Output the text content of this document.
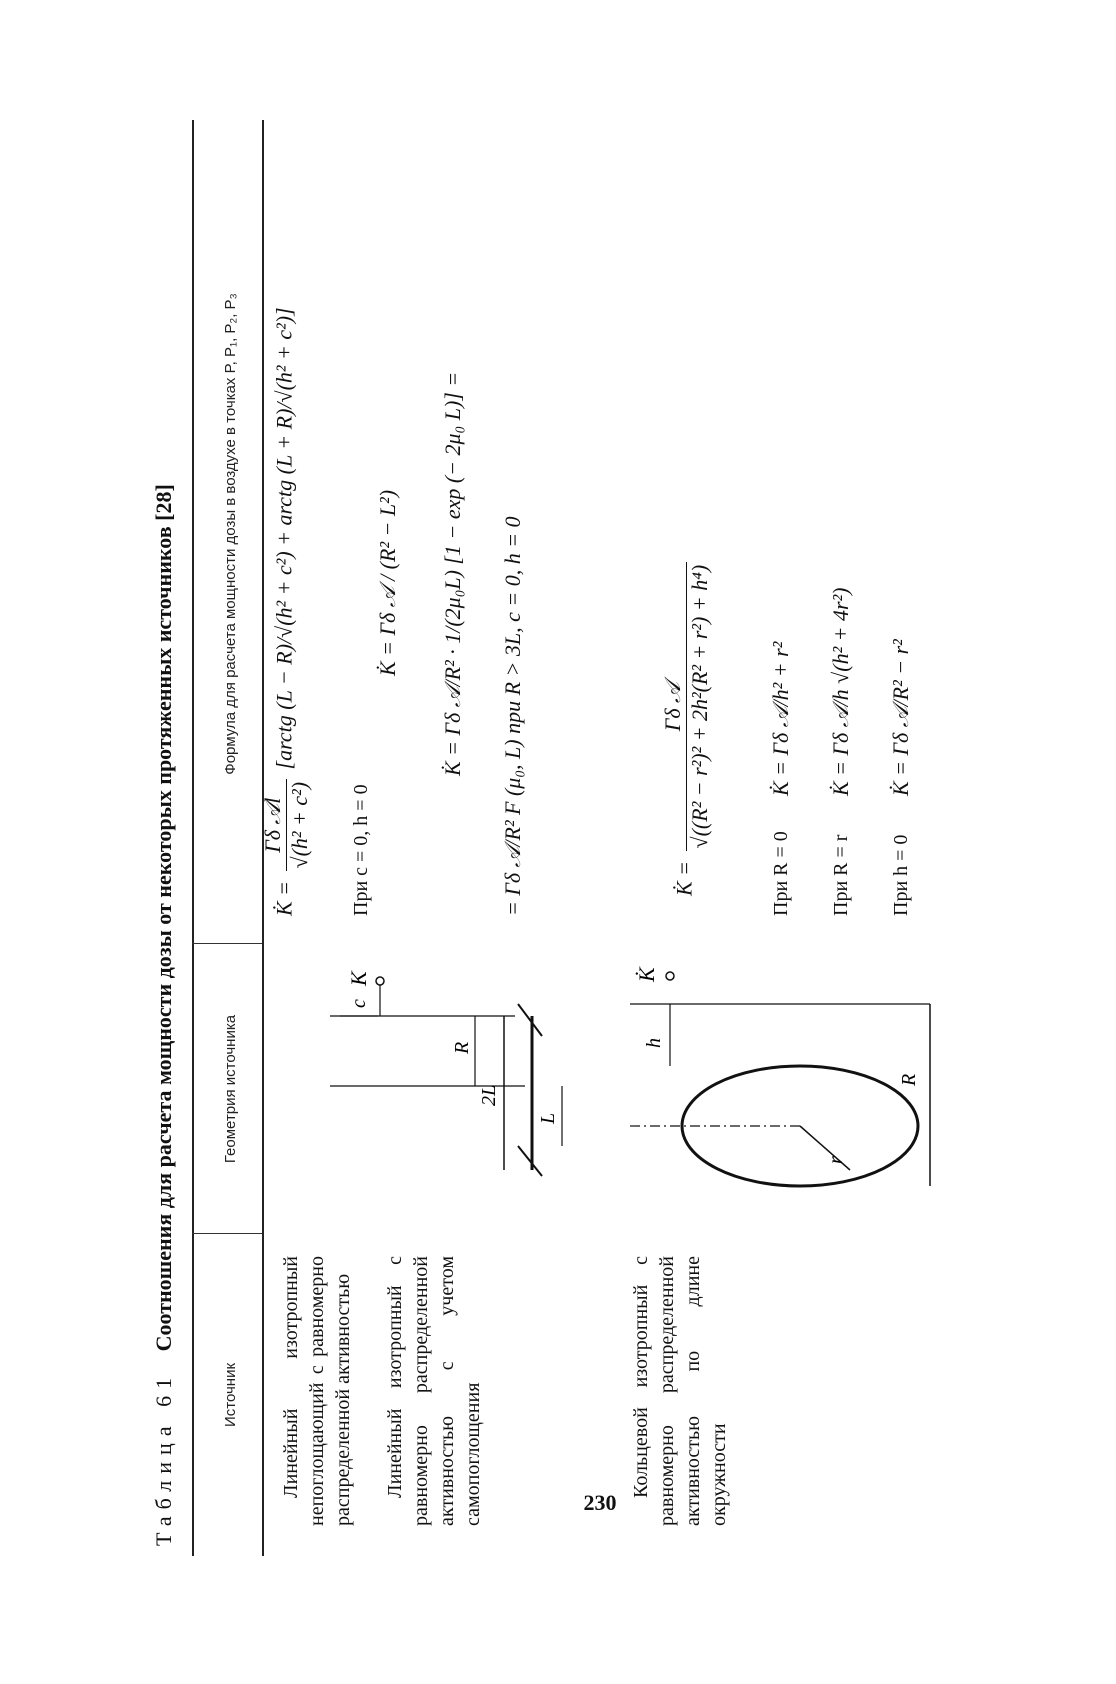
Таблица 61 Соотношения для расчета мощности дозы от некоторых протяженных источников [28]
Источник
Геометрия источника
Формула для расчета мощности дозы в воздухе в точках P, P₁, P₂, P₃
Линейный изотропный непоглощающий с равномерно распределенной активностью Линейный изотропный с равномерно распределенной активностью с учетом самопоглощения
2L
L
R
c
K
K̇ =
Γδ 𝒜l √(h² + c²)
[arctg (L − R)/√(h² + c²) + arctg (L + R)/√(h² + c²)]
При c = 0, h = 0
K̇ = Γδ 𝒜 / (R² − L²) K̇ = Γδ 𝒜/R² · 1/(2μ₀L) [1 − exp (− 2μ₀ L)] = = Γδ 𝒜/R² F (μ₀, L) при R > 3L, c = 0, h = 0
Кольцевой изотропный с равномерно распределенной активностью по длине окружности
r
R
h
K̇
K̇ =
Γδ 𝒜 √((R² − r²)² + 2h²(R² + r²) + h⁴)
При R = 0
K̇ = Γδ 𝒜/h² + r²
При R = r
K̇ = Γδ 𝒜/h √(h² + 4r²)
При h = 0
K̇ = Γδ 𝒜/R² − r²
230
